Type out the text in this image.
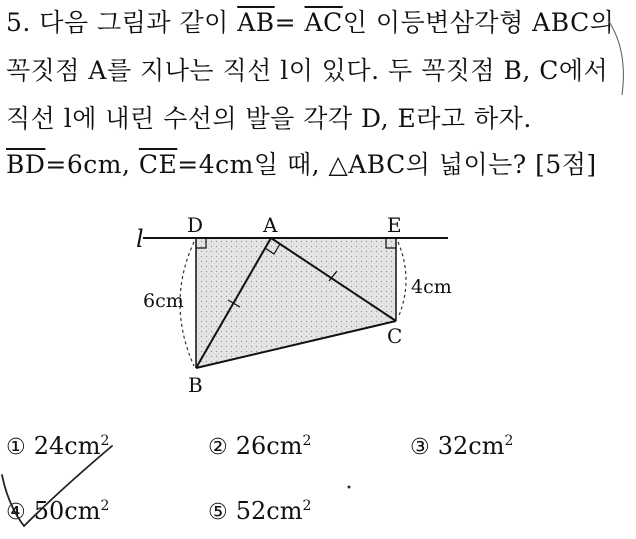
5. 다음 그림과 같이 $\overline{AB}= \overline{AC}$인 이등변삼각형 ABC의
꼭짓점 A를 지나는 직선 l이 있다. 두 꼭짓점 B, C에서
직선 l에 내린 수선의 발을 각각 D, E라고 하자.
$\overline{BD}=6cm$, $\overline{CE}=4cm$일 때, △ABC의 넓이는? [5점]
l D	A	E
B
C
6cm
4cm
① $24cm^2$	② $26cm^2$	③ $32cm^2$
④ $50cm^2$	⑤ $52cm^2$
